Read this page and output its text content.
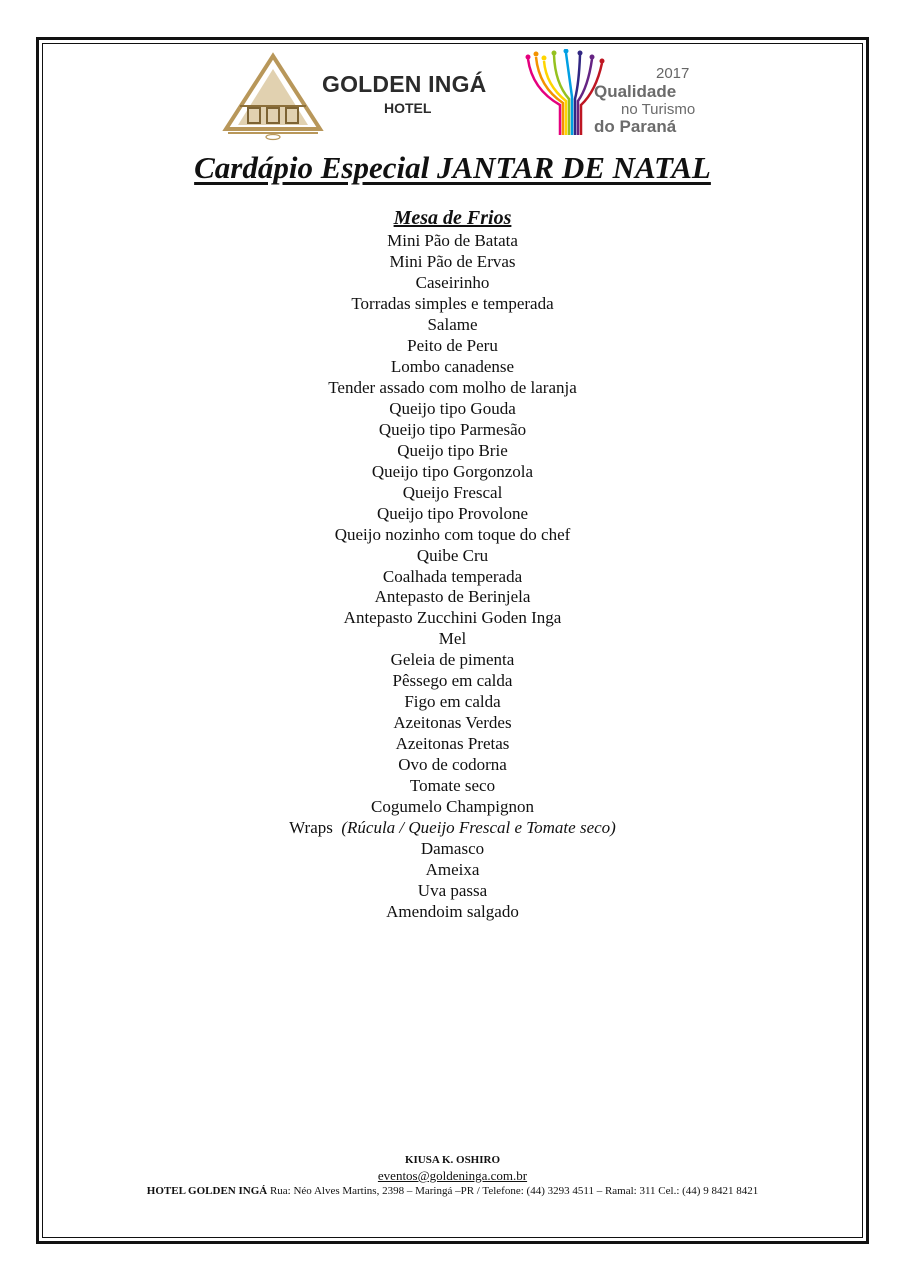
GOLDEN INGÁ
HOTEL
2017
Qualidade
no Turismo
do Paraná
Cardápio Especial JANTAR DE NATAL
Mesa de Frios
Mini Pão de Batata
Mini Pão de Ervas
Caseirinho
Torradas simples e temperada
Salame
Peito de Peru
Lombo canadense
Tender assado com molho de laranja
Queijo tipo Gouda
Queijo tipo Parmesão
Queijo tipo Brie
Queijo tipo Gorgonzola
Queijo Frescal
Queijo tipo Provolone
Queijo nozinho com toque do chef
Quibe Cru
Coalhada temperada
Antepasto de Berinjela
Antepasto Zucchini Goden Inga
Mel
Geleia de pimenta
Pêssego em calda
Figo em calda
Azeitonas Verdes
Azeitonas Pretas
Ovo de codorna
Tomate seco
Cogumelo Champignon
Wraps (Rúcula / Queijo Frescal e Tomate seco)
Damasco
Ameixa
Uva passa
Amendoim salgado
KIUSA K. OSHIRO
eventos@goldeninga.com.br
HOTEL GOLDEN INGÁ Rua: Néo Alves Martins, 2398 – Maringá –PR / Telefone: (44) 3293 4511 – Ramal: 311 Cel.: (44) 9 8421 8421
